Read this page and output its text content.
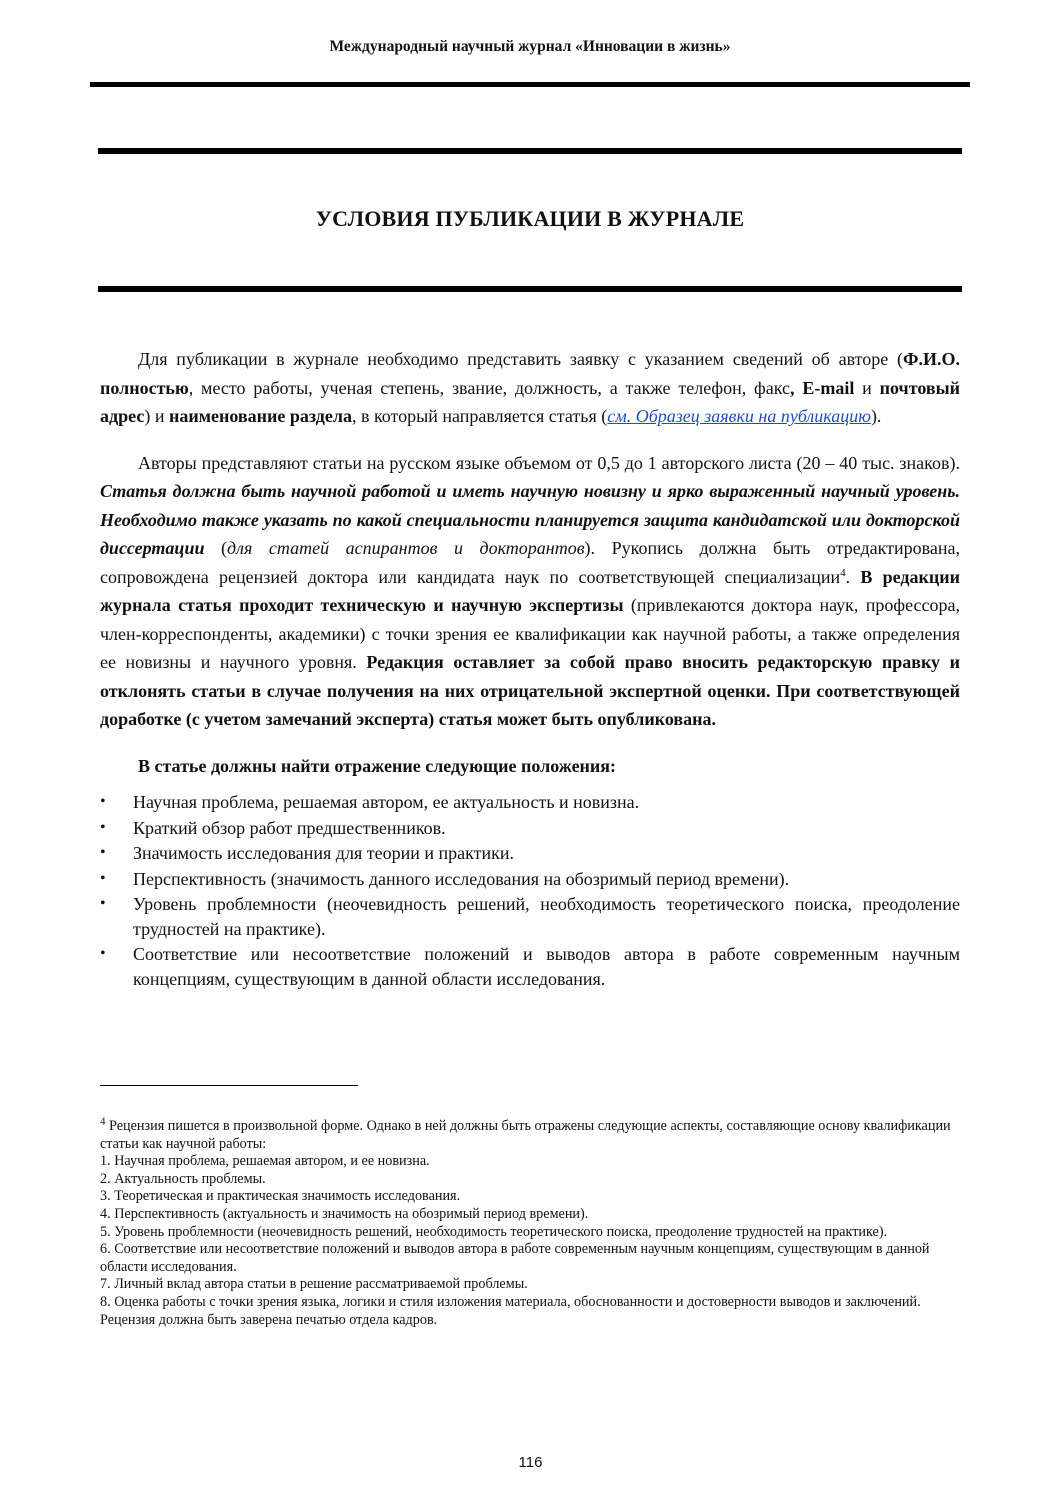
Международный научный журнал «Инновации в жизнь»
УСЛОВИЯ ПУБЛИКАЦИИ В ЖУРНАЛЕ

Для публикации в журнале необходимо представить заявку с указанием сведений об авторе (Ф.И.О. полностью, место работы, ученая степень, звание, должность, а также телефон, факс, E-mail и почтовый адрес) и наименование раздела, в который направляется статья (см. Образец заявки на публикацию).

Авторы представляют статьи на русском языке объемом от 0,5 до 1 авторского листа (20 – 40 тыс. знаков). Статья должна быть научной работой и иметь научную новизну и ярко выраженный научный уровень. Необходимо также указать по какой специальности планируется защита кандидатской или докторской диссертации (для статей аспирантов и докторантов). Рукопись должна быть отредактирована, сопровождена рецензией доктора или кандидата наук по соответствующей специализации$^4$. В редакции журнала статья проходит техническую и научную экспертизы (привлекаются доктора наук, профессора, член-корреспонденты, академики) с точки зрения ее квалификации как научной работы, а также определения ее новизны и научного уровня. Редакция оставляет за собой право вносить редакторскую правку и отклонять статьи в случае получения на них отрицательной экспертной оценки. При соответствующей доработке (с учетом замечаний эксперта) статья может быть опубликована.

В статье должны найти отражение следующие положения:
• Научная проблема, решаемая автором, ее актуальность и новизна.
• Краткий обзор работ предшественников.
• Значимость исследования для теории и практики.
• Перспективность (значимость данного исследования на обозримый период времени).
• Уровень проблемности (неочевидность решений, необходимость теоретического поиска, преодоление трудностей на практике).
• Соответствие или несоответствие положений и выводов автора в работе современным научным концепциям, существующим в данной области исследования.

$^4$ Рецензия пишется в произвольной форме. Однако в ней должны быть отражены следующие аспекты, составляющие основу квалификации статьи как научной работы:

1. Научная проблема, решаемая автором, и ее новизна.

2. Актуальность проблемы.

3. Теоретическая и практическая значимость исследования.

4. Перспективность (актуальность и значимость на обозримый период времени).

5. Уровень проблемности (неочевидность решений, необходимость теоретического поиска, преодоление трудностей на практике).

6. Соответствие или несоответствие положений и выводов автора в работе современным научным концепциям, существующим в данной области исследования.

7. Личный вклад автора статьи в решение рассматриваемой проблемы.

8. Оценка работы с точки зрения языка, логики и стиля изложения материала, обоснованности и достоверности выводов и заключений.

Рецензия должна быть заверена печатью отдела кадров.

116
